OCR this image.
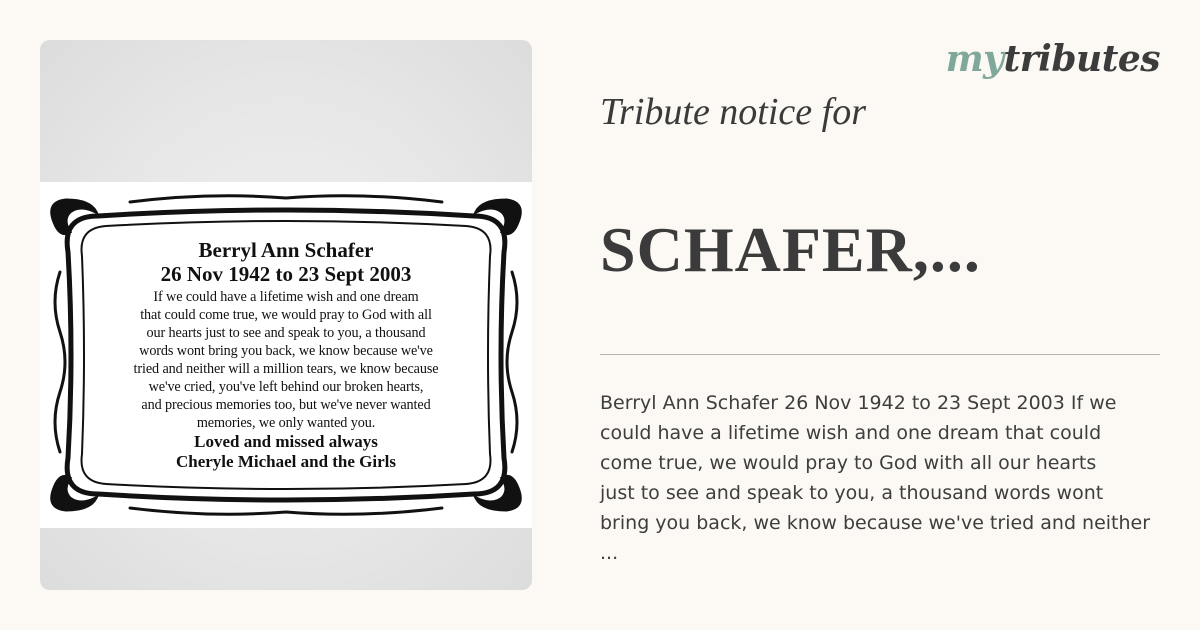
Berryl Ann Schafer
26 Nov 1942 to 23 Sept 2003
If we could have a lifetime wish and one dream
that could come true, we would pray to God with all
our hearts just to see and speak to you, a thousand
words wont bring you back, we know because we've
tried and neither will a million tears, we know because
we've cried, you've left behind our broken hearts,
and precious memories too, but we've never wanted
memories, we only wanted you.
Loved and missed always
Cheryle Michael and the Girls
mytributes
Tribute notice for
SCHAFER,...
Berryl Ann Schafer 26 Nov 1942 to 23 Sept 2003 If we
could have a lifetime wish and one dream that could
come true, we would pray to God with all our hearts
just to see and speak to you, a thousand words wont
bring you back, we know because we've tried and neither
...
